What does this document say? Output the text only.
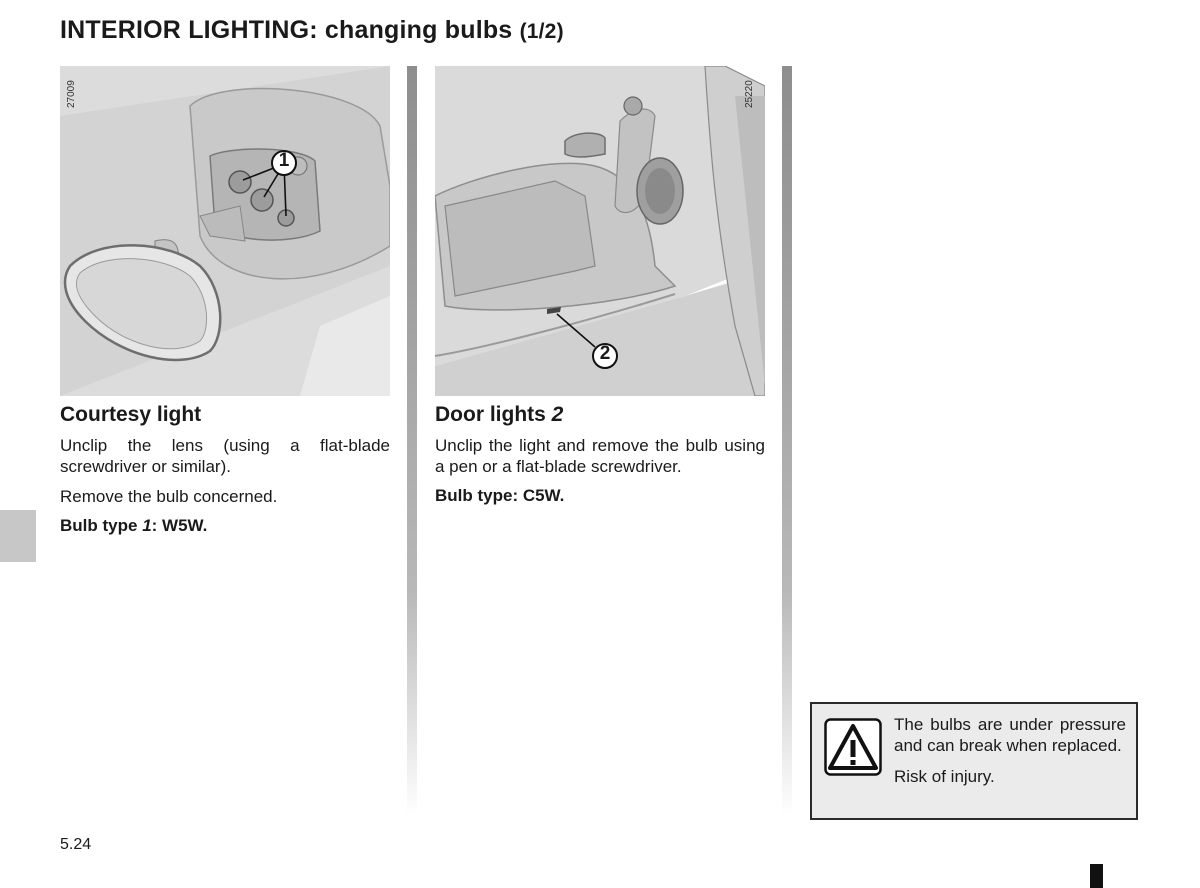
INTERIOR LIGHTING: changing bulbs (1/2)
27009
1
Courtesy light

Unclip the lens (using a flat-blade screwdriver or similar).

Remove the bulb concerned.

Bulb type 1: W5W.

25220
2
Door lights 2

Unclip the light and remove the bulb using a pen or a flat-blade screwdriver.

Bulb type: C5W.

The bulbs are under pressure and can break when replaced.

Risk of injury.

5.24
